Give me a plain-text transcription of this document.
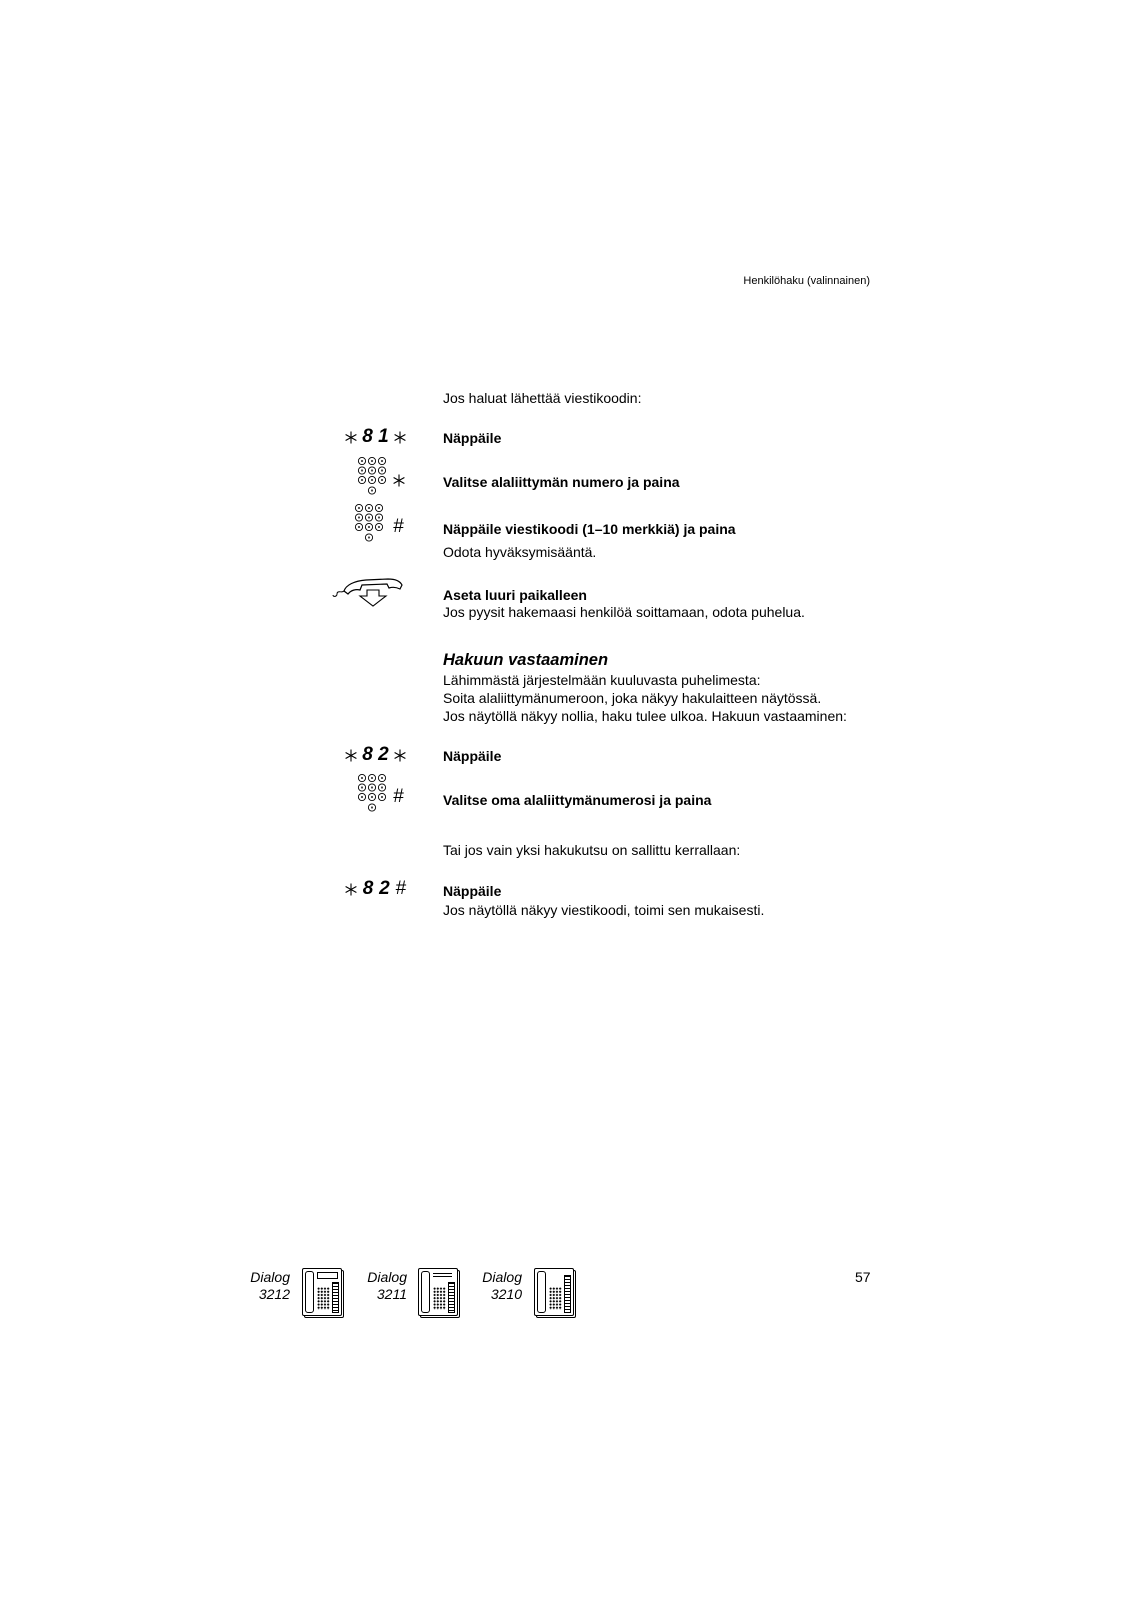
Henkilöhaku (valinnainen)
Jos haluat lähettää viestikoodin:
8 1	Näppäile
Valitse alaliittymän numero ja paina
#	Näppäile viestikoodi (1–10 merkkiä) ja paina
Odota hyväksymisääntä.
Aseta luuri paikalleen
Jos pyysit hakemaasi henkilöä soittamaan, odota puhelua.
Hakuun vastaaminen
Lähimmästä järjestelmään kuuluvasta puhelimesta:
Soita alaliittymänumeroon, joka näkyy hakulaitteen näytössä.
Jos näytöllä näkyy nollia, haku tulee ulkoa. Hakuun vastaaminen:
8 2	Näppäile
#	Valitse oma alaliittymänumerosi ja paina
Tai jos vain yksi hakukutsu on sallittu kerrallaan:
8 2 #	Näppäile
Jos näytöllä näkyy viestikoodi, toimi sen mukaisesti.
Dialog
3212
Dialog
3211
Dialog
3210
57
